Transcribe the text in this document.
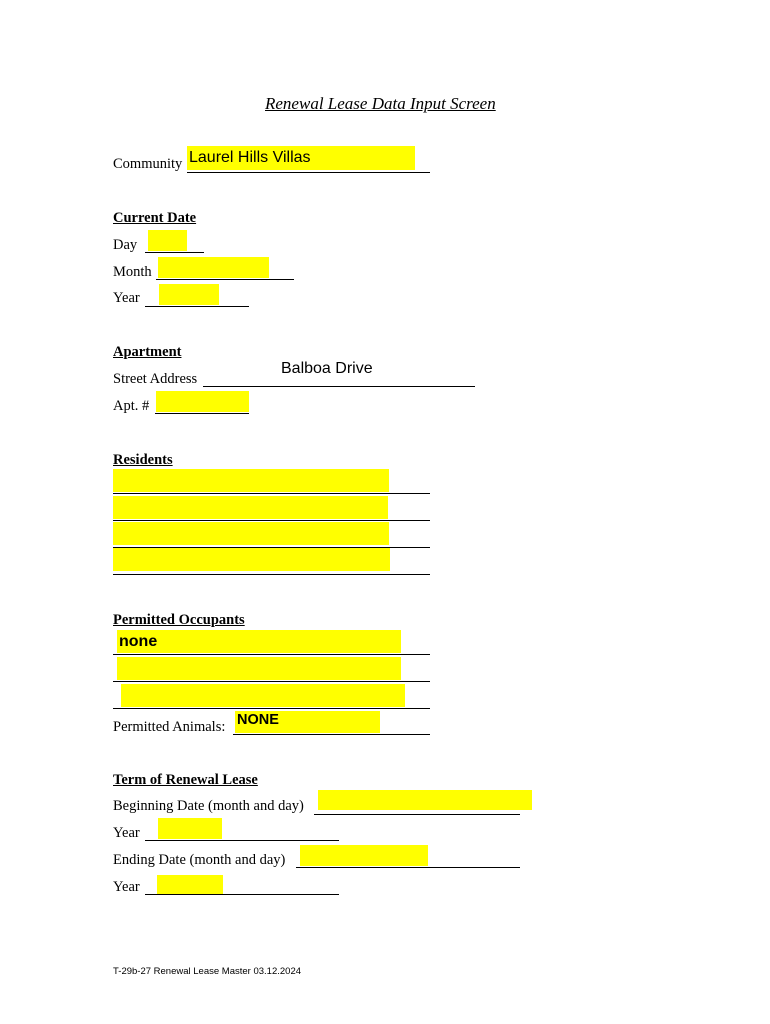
Renewal Lease Data Input Screen
Community Laurel Hills Villas
Current Date
Day
Month
Year
Apartment
Street Address
Balboa Drive
Apt. #
Residents
Permitted Occupants
none
Permitted Animals: NONE
Term of Renewal Lease
Beginning Date (month and day)
Year
Ending Date (month and day)
Year
T-29b-27 Renewal Lease Master 03.12.2024
